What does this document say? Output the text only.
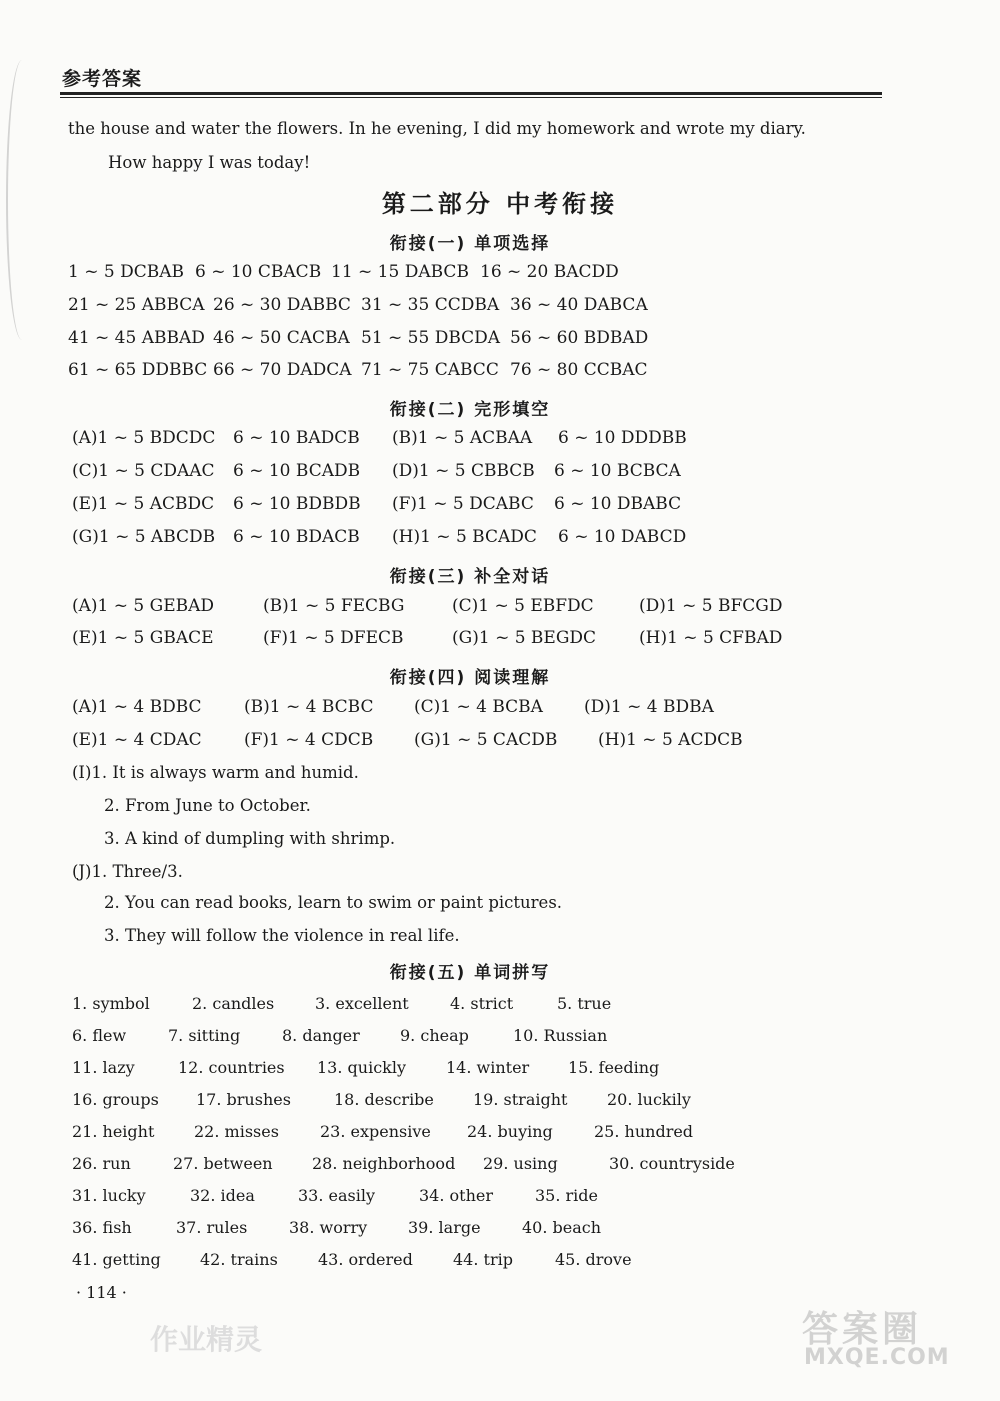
参考答案
the house and water the flowers. In he evening, I did my homework and wrote my diary.
How happy I was today!
第二部分 中考衔接
衔接(一) 单项选择
1 ~ 5 DCBAB 6 ~ 10 CBACB 11 ~ 15 DABCB 16 ~ 20 BACDD
21 ~ 25 ABBCA 26 ~ 30 DABBC 31 ~ 35 CCDBA 36 ~ 40 DABCA
41 ~ 45 ABBAD 46 ~ 50 CACBA 51 ~ 55 DBCDA 56 ~ 60 BDBAD
61 ~ 65 DDBBC 66 ~ 70 DADCA 71 ~ 75 CABCC 76 ~ 80 CCBAC
衔接(二) 完形填空
(A)1 ~ 5 BDCDC 6 ~ 10 BADCB (B)1 ~ 5 ACBAA 6 ~ 10 DDDBB
(C)1 ~ 5 CDAAC 6 ~ 10 BCADB (D)1 ~ 5 CBBCB 6 ~ 10 BCBCA
(E)1 ~ 5 ACBDC 6 ~ 10 BDBDB (F)1 ~ 5 DCABC 6 ~ 10 DBABC
(G)1 ~ 5 ABCDB 6 ~ 10 BDACB (H)1 ~ 5 BCADC 6 ~ 10 DABCD
衔接(三) 补全对话
(A)1 ~ 5 GEBAD	(B)1 ~ 5 FECBG	(C)1 ~ 5 EBFDC	(D)1 ~ 5 BFCGD
(E)1 ~ 5 GBACE	(F)1 ~ 5 DFECB	(G)1 ~ 5 BEGDC	(H)1 ~ 5 CFBAD
衔接(四) 阅读理解
(A)1 ~ 4 BDBC (B)1 ~ 4 BCBC (C)1 ~ 4 BCBA (D)1 ~ 4 BDBA
(E)1 ~ 4 CDAC (F)1 ~ 4 CDCB (G)1 ~ 5 CACDB (H)1 ~ 5 ACDCB
(I)1. It is always warm and humid.
2. From June to October.
3. A kind of dumpling with shrimp.
(J)1. Three/3.
2. You can read books, learn to swim or paint pictures.
3. They will follow the violence in real life.
衔接(五) 单词拼写
1. symbol	2. candles	3. excellent	4. strict	5. true
6. flew	7. sitting	8. danger	9. cheap	10. Russian
11. lazy	12. countries 13. quickly 14. winter 15. feeding
16. groups 17. brushes	18. describe 19. straight 20. luckily
21. height 22. misses	23. expensive 24. buying	25. hundred
26. run	27. between 28. neighborhood 29. using	30. countryside
31. lucky	32. idea	33. easily	34. other	35. ride
36. fish	37. rules	38. worry	39. large	40. beach
41. getting 42. trains	43. ordered	44. trip	45. drove
· 114 ·
作业精灵	答案圈
MXQE.COM
